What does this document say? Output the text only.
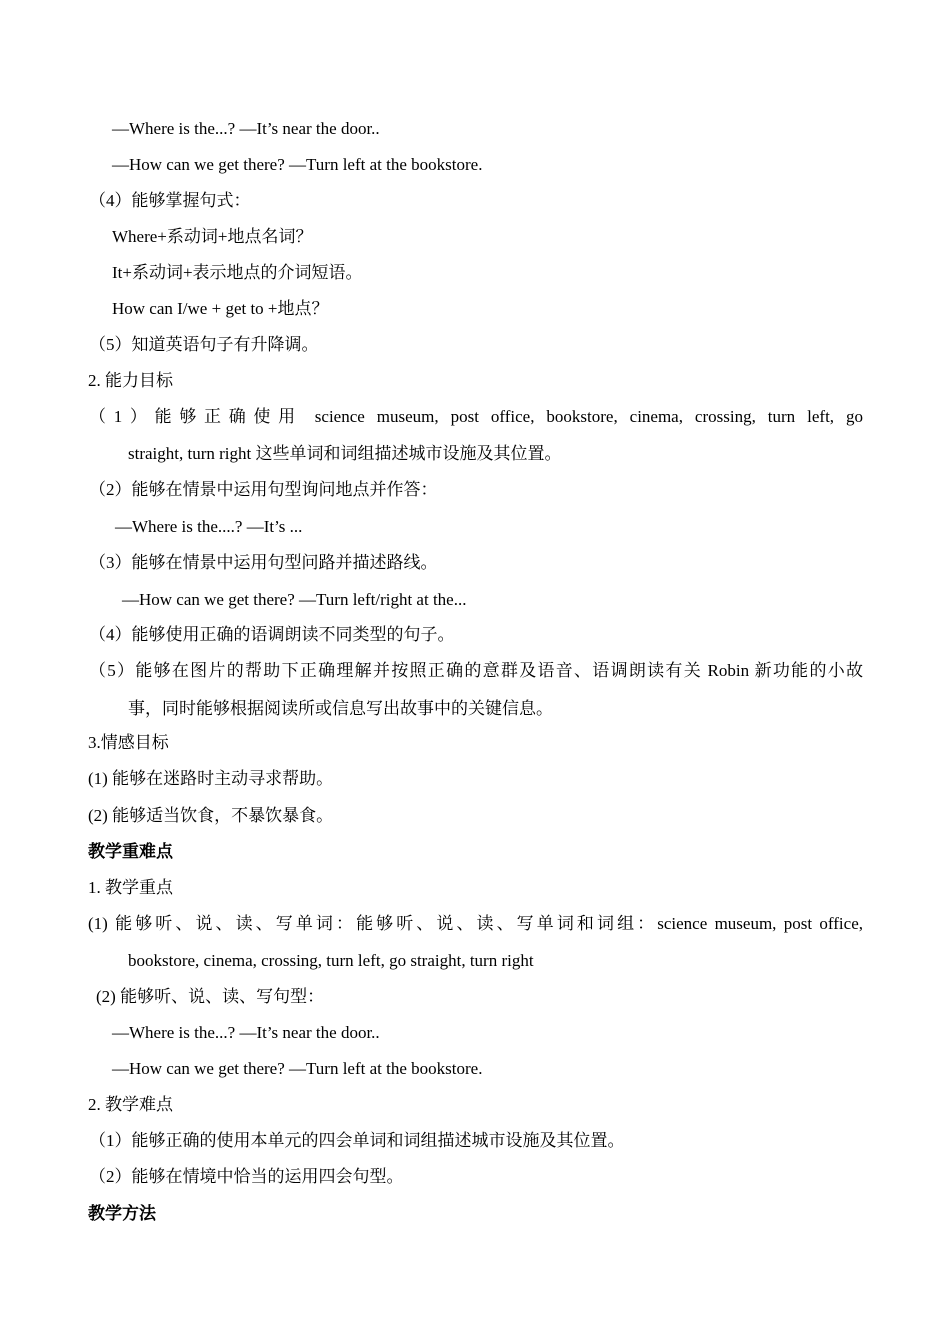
—Where is the...? —It’s near the door..
—How can we get there? —Turn left at the bookstore.
（4）能够掌握句式：
Where+系动词+地点名词？
It+系动词+表示地点的介词短语。
How can I/we + get to +地点？
（5）知道英语句子有升降调。
2. 能力目标
（1）能够正确使用 science museum, post office, bookstore, cinema, crossing, turn left, go
straight, turn right 这些单词和词组描述城市设施及其位置。
（2）能够在情景中运用句型询问地点并作答：
—Where is the....? —It’s ...
（3）能够在情景中运用句型问路并描述路线。
—How can we get there? —Turn left/right at the...
（4）能够使用正确的语调朗读不同类型的句子。
（5）能够在图片的帮助下正确理解并按照正确的意群及语音、语调朗读有关 Robin 新功能的小故
事，同时能够根据阅读所或信息写出故事中的关键信息。
3.情感目标
(1) 能够在迷路时主动寻求帮助。
(2) 能够适当饮食，不暴饮暴食。
教学重难点
1. 教学重点
(1) 能够听、说、读、写单词：能够听、说、读、写单词和词组：science museum, post office,
bookstore, cinema, crossing, turn left, go straight, turn right
(2) 能够听、说、读、写句型：
—Where is the...? —It’s near the door..
—How can we get there? —Turn left at the bookstore.
2. 教学难点
（1）能够正确的使用本单元的四会单词和词组描述城市设施及其位置。
（2）能够在情境中恰当的运用四会句型。
教学方法
